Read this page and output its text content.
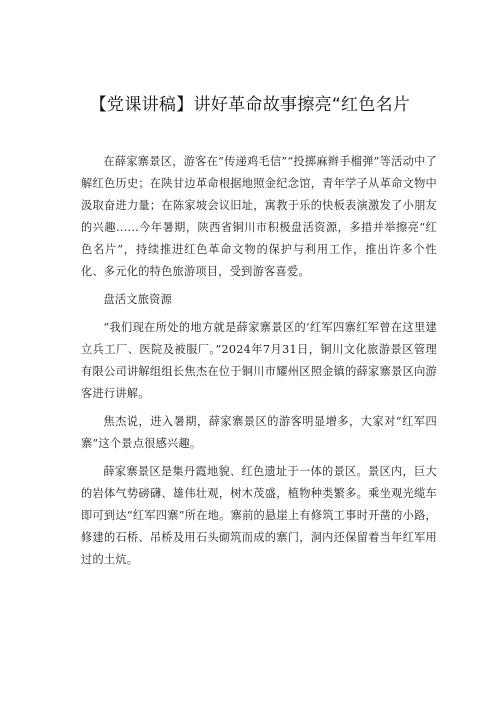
【党课讲稿】讲好革命故事擦亮“红色名片

在薛家寨景区，游客在“传递鸡毛信”“投掷麻辫手榴弹”等活动中了解红色历史；在陕甘边革命根据地照金纪念馆，青年学子从革命文物中汲取奋进力量；在陈家坡会议旧址，寓教于乐的快板表演激发了小朋友的兴趣……今年暑期，陕西省铜川市积极盘活资源，多措并举擦亮“红色名片”，持续推进红色革命文物的保护与利用工作，推出许多个性化、多元化的特色旅游项目，受到游客喜爱。

盘活文旅资源

“我们现在所处的地方就是薛家寨景区的‘红军四寨红军曾在这里建立兵工厂、医院及被服厂。”2024年7月31日，铜川文化旅游景区管理有限公司讲解组组长焦杰在位于铜川市耀州区照金镇的薛家寨景区向游客进行讲解。

焦杰说，进入暑期，薛家寨景区的游客明显增多，大家对“红军四寨”这个景点很感兴趣。

薛家寨景区是集丹霞地貌、红色遗址于一体的景区。景区内，巨大的岩体气势磅礴、雄伟壮观，树木茂盛，植物种类繁多。乘坐观光缆车即可到达“红军四寨”所在地。寨前的悬崖上有修筑工事时开凿的小路，修建的石桥、吊桥及用石头砌筑而成的寨门，洞内还保留着当年红军用过的土炕。
